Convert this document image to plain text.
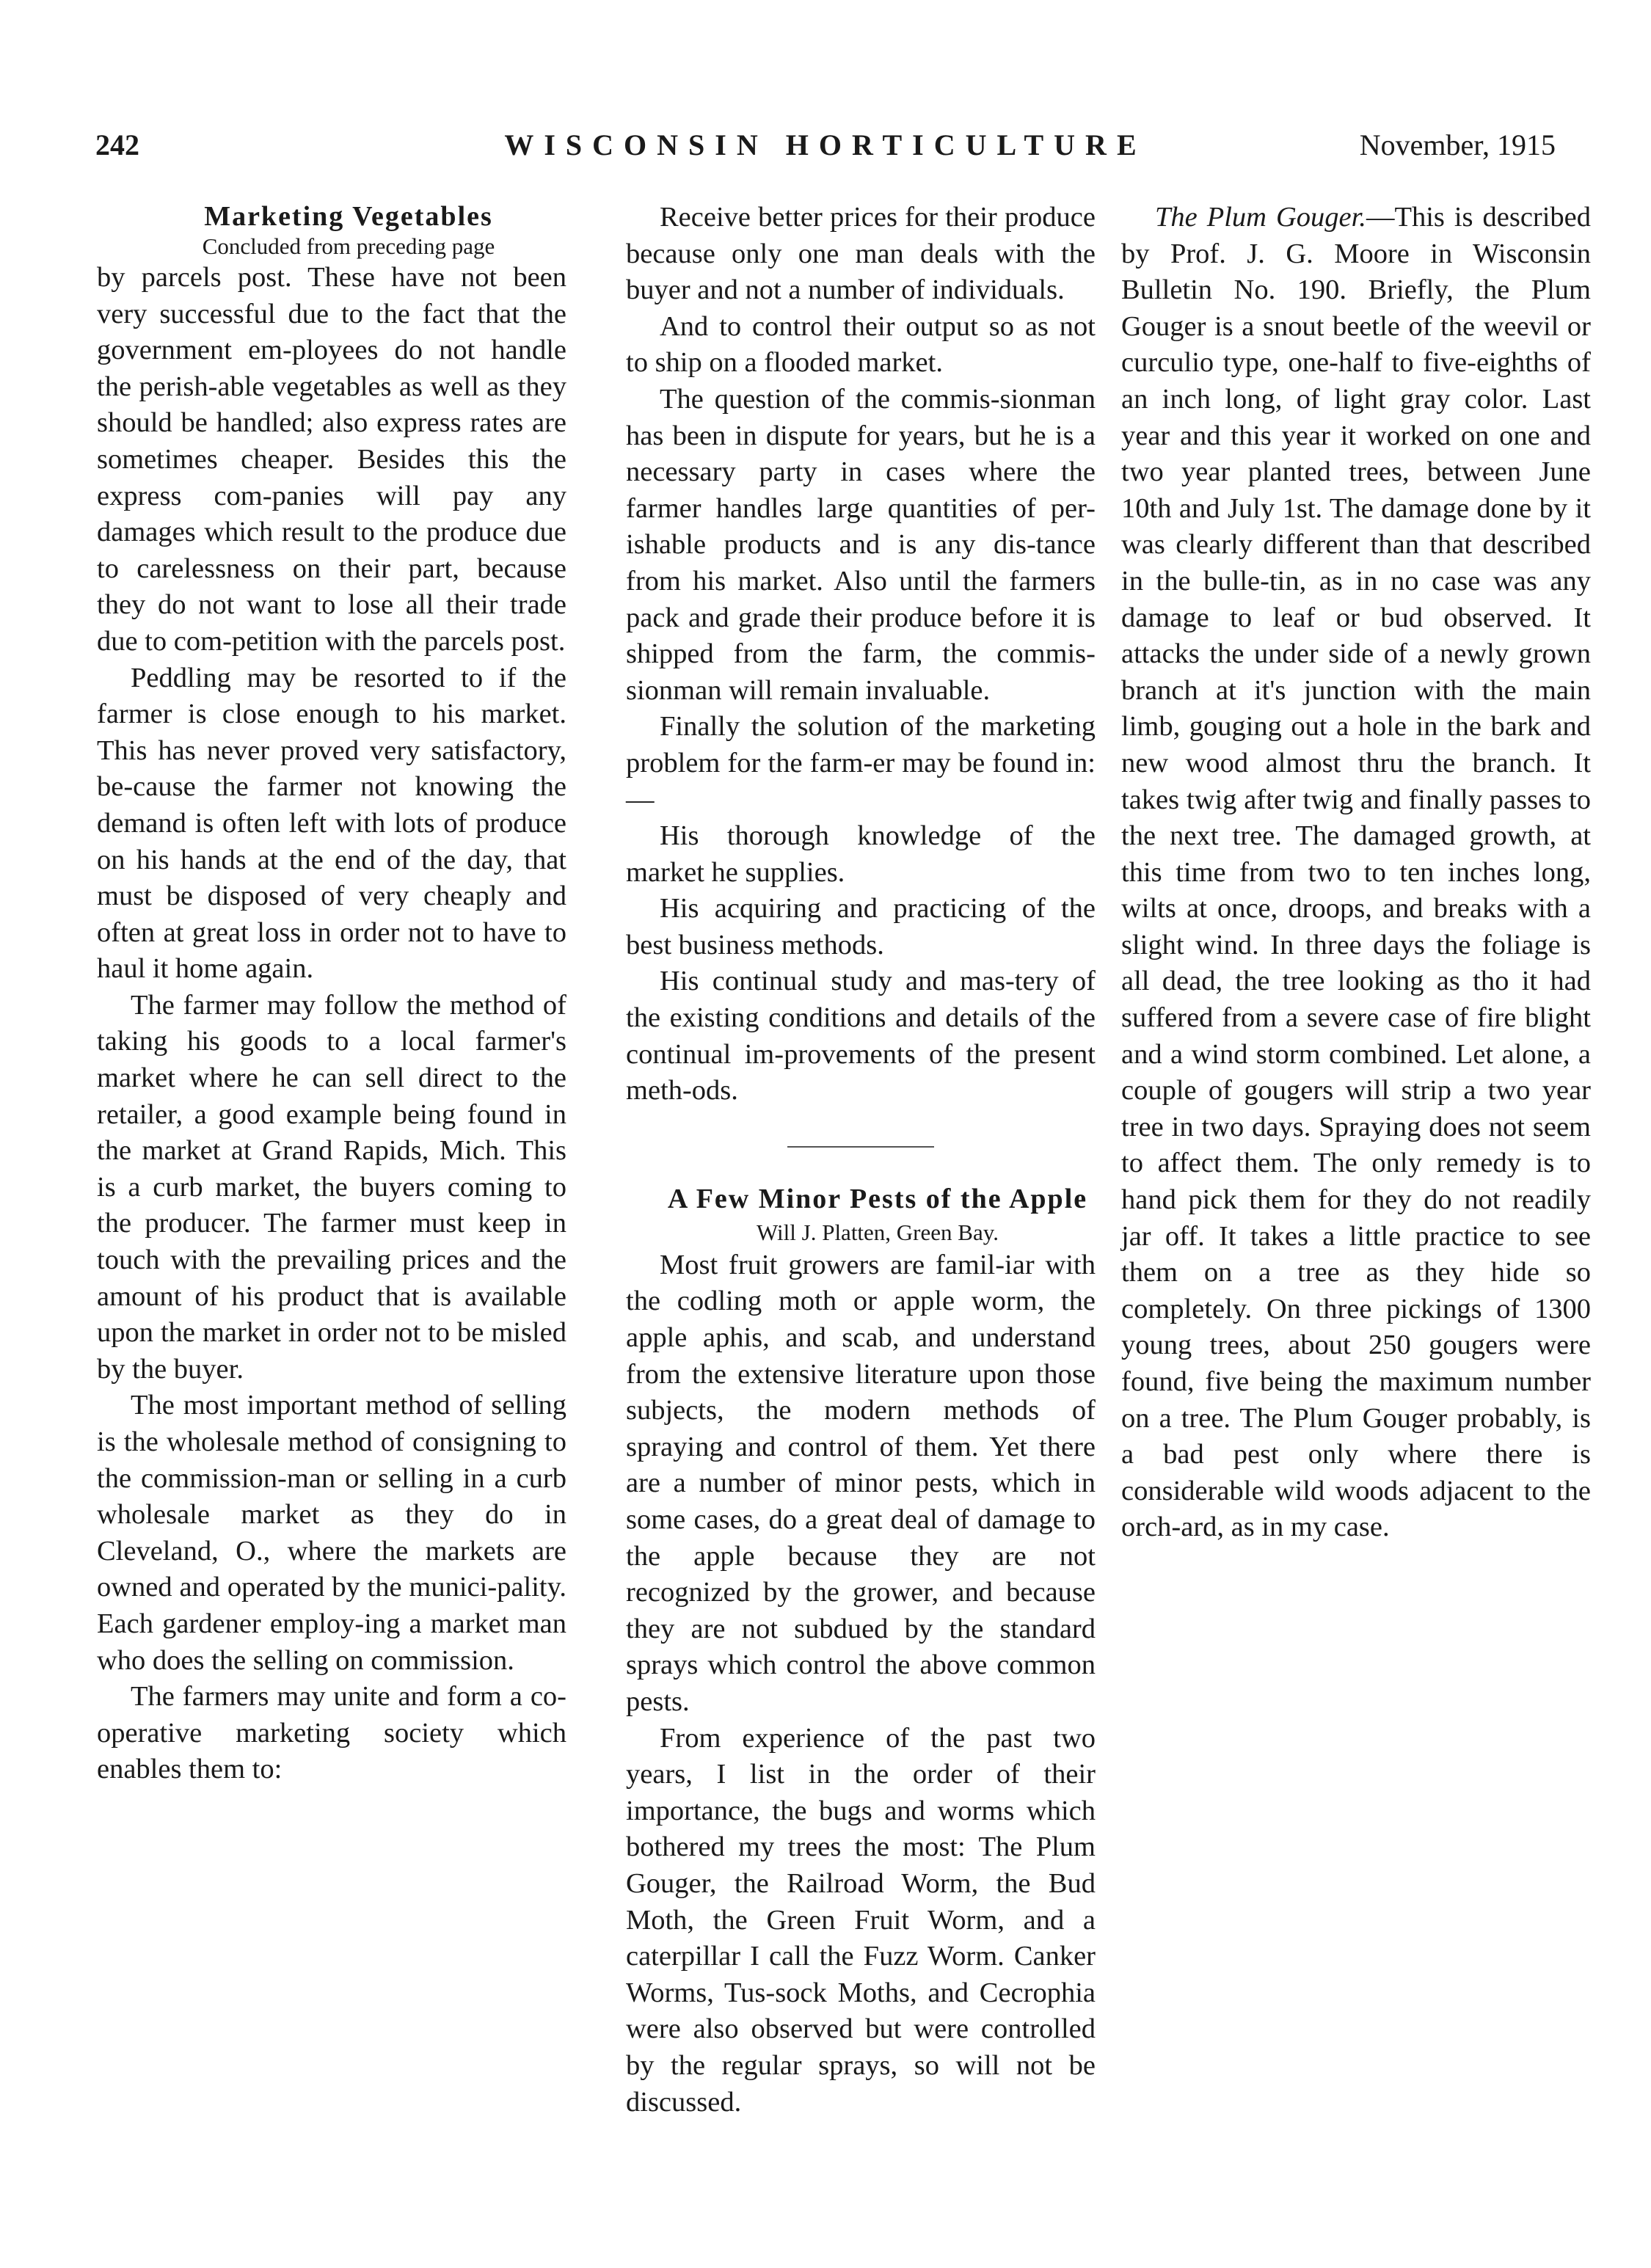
242	WISCONSIN HORTICULTURE	November, 1915

Marketing Vegetables

Concluded from preceding page

by parcels post. These have not been very successful due to the fact that the government em-ployees do not handle the perish-able vegetables as well as they should be handled; also express rates are sometimes cheaper. Besides this the express com-panies will pay any damages which result to the produce due to carelessness on their part, because they do not want to lose all their trade due to com-petition with the parcels post.

Peddling may be resorted to if the farmer is close enough to his market. This has never proved very satisfactory, be-cause the farmer not knowing the demand is often left with lots of produce on his hands at the end of the day, that must be disposed of very cheaply and often at great loss in order not to have to haul it home again.

The farmer may follow the method of taking his goods to a local farmer's market where he can sell direct to the retailer, a good example being found in the market at Grand Rapids, Mich. This is a curb market, the buyers coming to the producer. The farmer must keep in touch with the prevailing prices and the amount of his product that is available upon the market in order not to be misled by the buyer.

The most important method of selling is the wholesale method of consigning to the commission-man or selling in a curb wholesale market as they do in Cleveland, O., where the markets are owned and operated by the munici-pality. Each gardener employ-ing a market man who does the selling on commission.

The farmers may unite and form a co-operative marketing society which enables them to:

Receive better prices for their produce because only one man deals with the buyer and not a number of individuals.

And to control their output so as not to ship on a flooded market.

The question of the commis-sionman has been in dispute for years, but he is a necessary party in cases where the farmer handles large quantities of per-ishable products and is any dis-tance from his market. Also until the farmers pack and grade their produce before it is shipped from the farm, the commis-sionman will remain invaluable.

Finally the solution of the marketing problem for the farm-er may be found in:—

His thorough knowledge of the market he supplies.

His acquiring and practicing of the best business methods.

His continual study and mas-tery of the existing conditions and details of the continual im-provements of the present meth-ods.

A Few Minor Pests of the Apple

Will J. Platten, Green Bay.

Most fruit growers are famil-iar with the codling moth or apple worm, the apple aphis, and scab, and understand from the extensive literature upon those subjects, the modern methods of spraying and control of them. Yet there are a number of minor pests, which in some cases, do a great deal of damage to the apple because they are not recognized by the grower, and because they are not subdued by the standard sprays which control the above common pests.

From experience of the past two years, I list in the order of their importance, the bugs and worms which bothered my trees the most: The Plum Gouger, the Railroad Worm, the Bud Moth, the Green Fruit Worm, and a caterpillar I call the Fuzz Worm. Canker Worms, Tus-sock Moths, and Cecrophia were also observed but were controlled by the regular sprays, so will not be discussed.

The Plum Gouger.—This is described by Prof. J. G. Moore in Wisconsin Bulletin No. 190. Briefly, the Plum Gouger is a snout beetle of the weevil or curculio type, one-half to five-eighths of an inch long, of light gray color. Last year and this year it worked on one and two year planted trees, between June 10th and July 1st. The damage done by it was clearly different than that described in the bulle-tin, as in no case was any damage to leaf or bud observed. It attacks the under side of a newly grown branch at it's junction with the main limb, gouging out a hole in the bark and new wood almost thru the branch. It takes twig after twig and finally passes to the next tree. The damaged growth, at this time from two to ten inches long, wilts at once, droops, and breaks with a slight wind. In three days the foliage is all dead, the tree looking as tho it had suffered from a severe case of fire blight and a wind storm combined. Let alone, a couple of gougers will strip a two year tree in two days. Spraying does not seem to affect them. The only remedy is to hand pick them for they do not readily jar off. It takes a little practice to see them on a tree as they hide so completely. On three pickings of 1300 young trees, about 250 gougers were found, five being the maximum number on a tree. The Plum Gouger probably, is a bad pest only where there is considerable wild woods adjacent to the orch-ard, as in my case.
